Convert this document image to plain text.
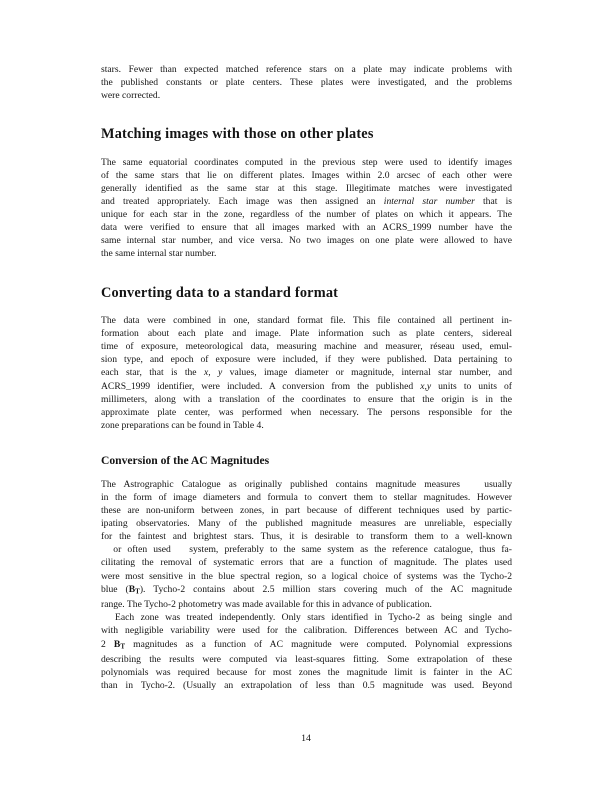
stars. Fewer than expected matched reference stars on a plate may indicate problems with
the published constants or plate centers. These plates were investigated, and the problems
were corrected.
Matching images with those on other plates
The same equatorial coordinates computed in the previous step were used to identify images
of the same stars that lie on different plates. Images within 2.0 arcsec of each other were
generally identified as the same star at this stage. Illegitimate matches were investigated
and treated appropriately. Each image was then assigned an internal star number that is
unique for each star in the zone, regardless of the number of plates on which it appears. The
data were verified to ensure that all images marked with an ACRS_1999 number have the
same internal star number, and vice versa. No two images on one plate were allowed to have
the same internal star number.
Converting data to a standard format
The data were combined in one, standard format file. This file contained all pertinent in-
formation about each plate and image. Plate information such as plate centers, sidereal
time of exposure, meteorological data, measuring machine and measurer, réseau used, emul-
sion type, and epoch of exposure were included, if they were published. Data pertaining to
each star, that is the x, y values, image diameter or magnitude, internal star number, and
ACRS_1999 identifier, were included. A conversion from the published x,y units to units of
millimeters, along with a translation of the coordinates to ensure that the origin is in the
approximate plate center, was performed when necessary. The persons responsible for the
zone preparations can be found in Table 4.
Conversion of the AC Magnitudes
The Astrographic Catalogue as originally published contains magnitude measures   usually
in the form of image diameters and formula to convert them to stellar magnitudes. However
these are non-uniform between zones, in part because of different techniques used by partic-
ipating observatories. Many of the published magnitude measures are unreliable, especially
for the faintest and brightest stars. Thus, it is desirable to transform them to a well-known
or often used   system, preferably to the same system as the reference catalogue, thus fa-
cilitating the removal of systematic errors that are a function of magnitude. The plates used
were most sensitive in the blue spectral region, so a logical choice of systems was the Tycho-2
blue (BT). Tycho-2 contains about 2.5 million stars covering much of the AC magnitude
range. The Tycho-2 photometry was made available for this in advance of publication.
Each zone was treated independently. Only stars identified in Tycho-2 as being single and
with negligible variability were used for the calibration. Differences between AC and Tycho-
2 BT magnitudes as a function of AC magnitude were computed. Polynomial expressions
describing the results were computed via least-squares fitting. Some extrapolation of these
polynomials was required because for most zones the magnitude limit is fainter in the AC
than in Tycho-2. (Usually an extrapolation of less than 0.5 magnitude was used. Beyond
14
